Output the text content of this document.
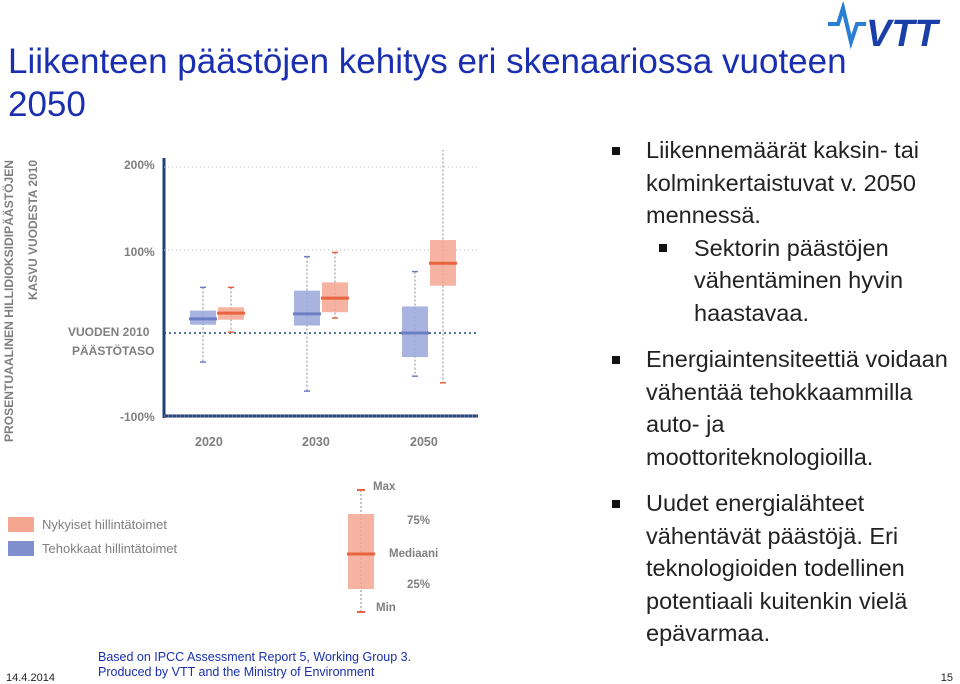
Liikenteen päästöjen kehitys eri skenaariossa vuoteen 2050
VTT
PROSENTUAALINEN HILLIDIOKSIDIPÄÄSTÖJEN KASVU VUODESTA 2010
200%
100%
-100%
VUODEN 2010
PÄÄSTÖTASO
2020	2030	2050
Nykyiset hillintätoimet
Tehokkaat hillintätoimet
Max
75%
Mediaani
25%
Min
Liikennemäärät kaksin- tai kolminkertaistuvat v. 2050 mennessä.
Sektorin päästöjen vähentäminen hyvin haastavaa.
Energiaintensiteettiä voidaan vähentää tehokkaammilla auto- ja moottoriteknologioilla.
Uudet energialähteet vähentävät päästöjä. Eri teknologioiden todellinen potentiaali kuitenkin vielä epävarmaa.
Based on IPCC Assessment Report 5, Working Group 3. Produced by VTT and the Ministry of Environment
14.4.2014	15
